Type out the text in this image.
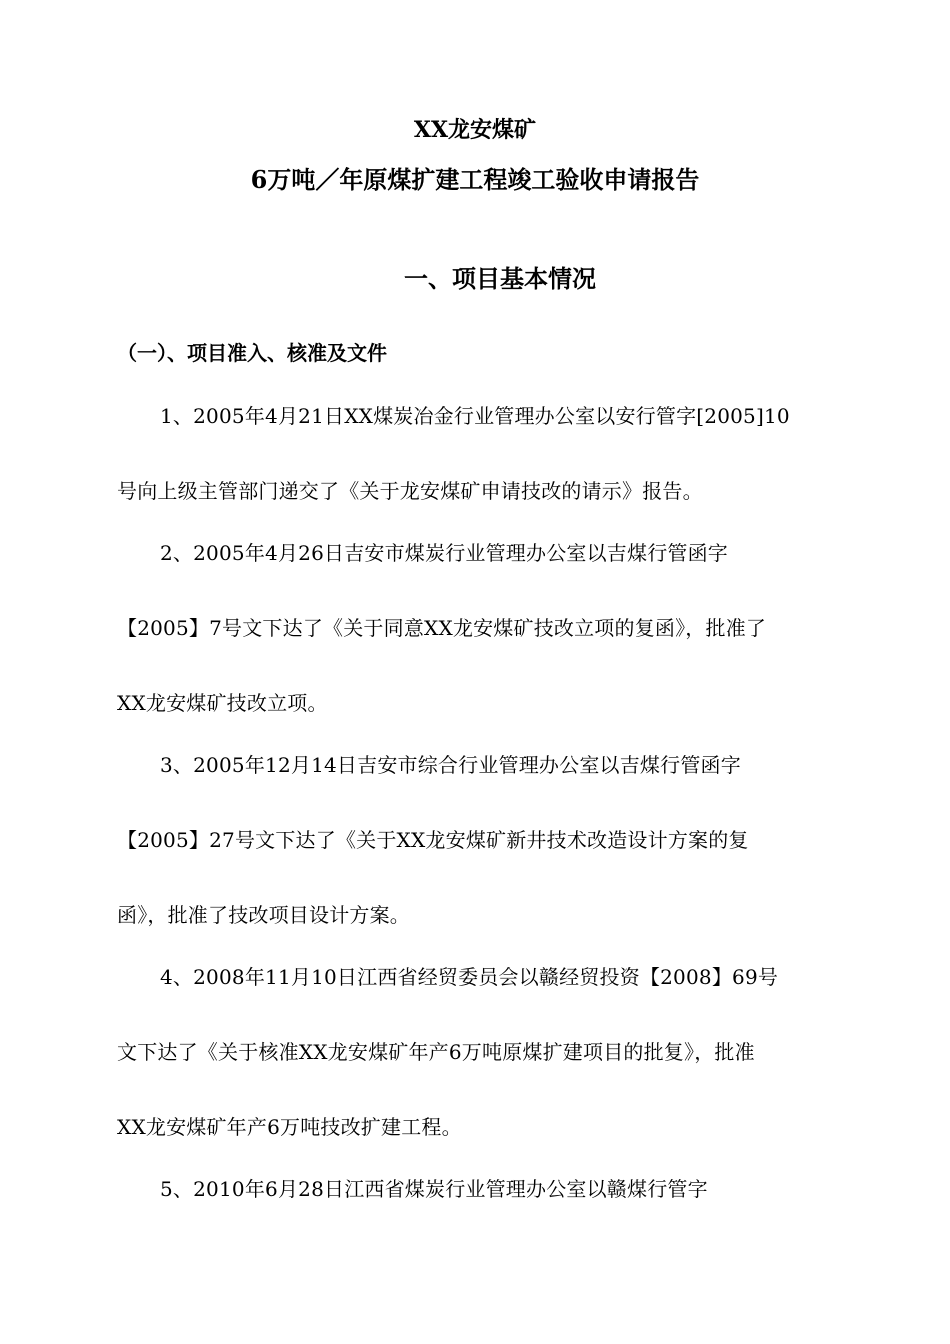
XX龙安煤矿
6万吨／年原煤扩建工程竣工验收申请报告
一、项目基本情况
（一）、项目准入、核准及文件
1、2005年4月21日XX煤炭冶金行业管理办公室以安行管字[2005]10
号向上级主管部门递交了《关于龙安煤矿申请技改的请示》报告。
2、2005年4月26日吉安市煤炭行业管理办公室以吉煤行管函字
【2005】7号文下达了《关于同意XX龙安煤矿技改立项的复函》，批准了
XX龙安煤矿技改立项。
3、2005年12月14日吉安市综合行业管理办公室以吉煤行管函字
【2005】27号文下达了《关于XX龙安煤矿新井技术改造设计方案的复
函》，批准了技改项目设计方案。
4、2008年11月10日江西省经贸委员会以赣经贸投资【2008】69号
文下达了《关于核准XX龙安煤矿年产6万吨原煤扩建项目的批复》，批准
XX龙安煤矿年产6万吨技改扩建工程。
5、2010年6月28日江西省煤炭行业管理办公室以赣煤行管字
